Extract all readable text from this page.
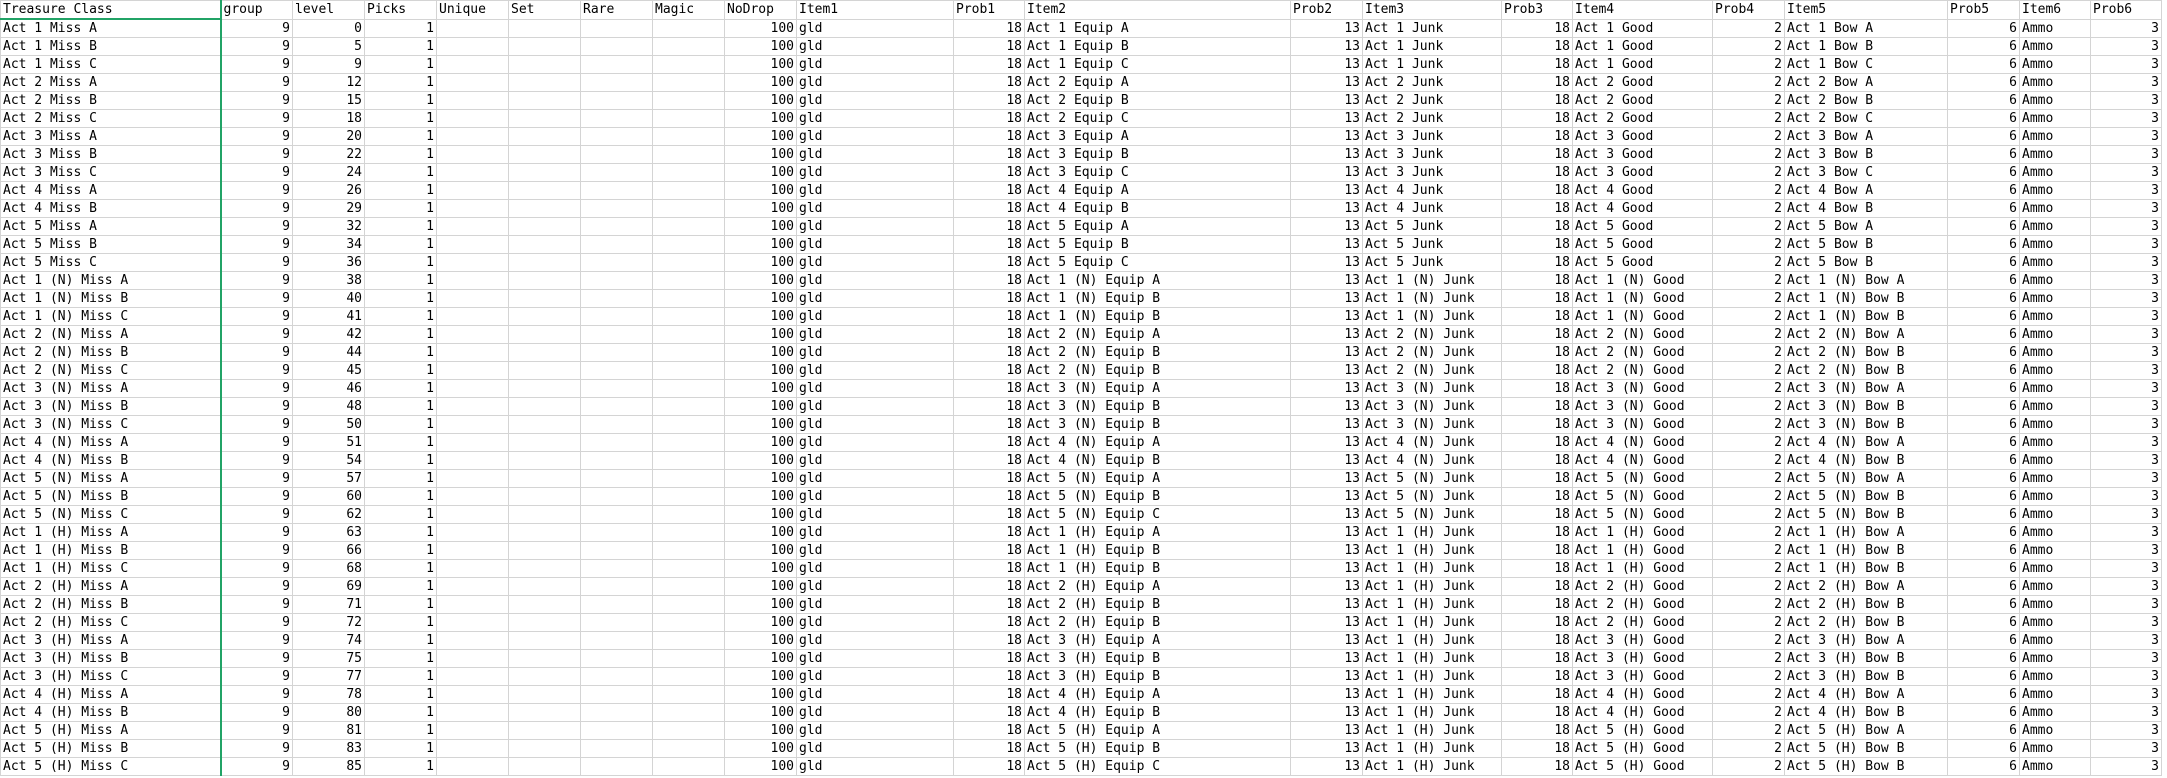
Treasure Class	group	level	Picks	Unique	Set	Rare	Magic	NoDrop	Item1	Prob1	Item2	Prob2	Item3	Prob3	Item4	Prob4	Item5	Prob5	Item6	Prob6
Act 1 Miss A	9	0	1					100	gld	18	Act 1 Equip A	13	Act 1 Junk	18	Act 1 Good	2	Act 1 Bow A	6	Ammo	3
Act 1 Miss B	9	5	1					100	gld	18	Act 1 Equip B	13	Act 1 Junk	18	Act 1 Good	2	Act 1 Bow B	6	Ammo	3
Act 1 Miss C	9	9	1					100	gld	18	Act 1 Equip C	13	Act 1 Junk	18	Act 1 Good	2	Act 1 Bow C	6	Ammo	3
Act 2 Miss A	9	12	1					100	gld	18	Act 2 Equip A	13	Act 2 Junk	18	Act 2 Good	2	Act 2 Bow A	6	Ammo	3
Act 2 Miss B	9	15	1					100	gld	18	Act 2 Equip B	13	Act 2 Junk	18	Act 2 Good	2	Act 2 Bow B	6	Ammo	3
Act 2 Miss C	9	18	1					100	gld	18	Act 2 Equip C	13	Act 2 Junk	18	Act 2 Good	2	Act 2 Bow C	6	Ammo	3
Act 3 Miss A	9	20	1					100	gld	18	Act 3 Equip A	13	Act 3 Junk	18	Act 3 Good	2	Act 3 Bow A	6	Ammo	3
Act 3 Miss B	9	22	1					100	gld	18	Act 3 Equip B	13	Act 3 Junk	18	Act 3 Good	2	Act 3 Bow B	6	Ammo	3
Act 3 Miss C	9	24	1					100	gld	18	Act 3 Equip C	13	Act 3 Junk	18	Act 3 Good	2	Act 3 Bow C	6	Ammo	3
Act 4 Miss A	9	26	1					100	gld	18	Act 4 Equip A	13	Act 4 Junk	18	Act 4 Good	2	Act 4 Bow A	6	Ammo	3
Act 4 Miss B	9	29	1					100	gld	18	Act 4 Equip B	13	Act 4 Junk	18	Act 4 Good	2	Act 4 Bow B	6	Ammo	3
Act 5 Miss A	9	32	1					100	gld	18	Act 5 Equip A	13	Act 5 Junk	18	Act 5 Good	2	Act 5 Bow A	6	Ammo	3
Act 5 Miss B	9	34	1					100	gld	18	Act 5 Equip B	13	Act 5 Junk	18	Act 5 Good	2	Act 5 Bow B	6	Ammo	3
Act 5 Miss C	9	36	1					100	gld	18	Act 5 Equip C	13	Act 5 Junk	18	Act 5 Good	2	Act 5 Bow B	6	Ammo	3
Act 1 (N) Miss A	9	38	1					100	gld	18	Act 1 (N) Equip A	13	Act 1 (N) Junk	18	Act 1 (N) Good	2	Act 1 (N) Bow A	6	Ammo	3
Act 1 (N) Miss B	9	40	1					100	gld	18	Act 1 (N) Equip B	13	Act 1 (N) Junk	18	Act 1 (N) Good	2	Act 1 (N) Bow B	6	Ammo	3
Act 1 (N) Miss C	9	41	1					100	gld	18	Act 1 (N) Equip B	13	Act 1 (N) Junk	18	Act 1 (N) Good	2	Act 1 (N) Bow B	6	Ammo	3
Act 2 (N) Miss A	9	42	1					100	gld	18	Act 2 (N) Equip A	13	Act 2 (N) Junk	18	Act 2 (N) Good	2	Act 2 (N) Bow A	6	Ammo	3
Act 2 (N) Miss B	9	44	1					100	gld	18	Act 2 (N) Equip B	13	Act 2 (N) Junk	18	Act 2 (N) Good	2	Act 2 (N) Bow B	6	Ammo	3
Act 2 (N) Miss C	9	45	1					100	gld	18	Act 2 (N) Equip B	13	Act 2 (N) Junk	18	Act 2 (N) Good	2	Act 2 (N) Bow B	6	Ammo	3
Act 3 (N) Miss A	9	46	1					100	gld	18	Act 3 (N) Equip A	13	Act 3 (N) Junk	18	Act 3 (N) Good	2	Act 3 (N) Bow A	6	Ammo	3
Act 3 (N) Miss B	9	48	1					100	gld	18	Act 3 (N) Equip B	13	Act 3 (N) Junk	18	Act 3 (N) Good	2	Act 3 (N) Bow B	6	Ammo	3
Act 3 (N) Miss C	9	50	1					100	gld	18	Act 3 (N) Equip B	13	Act 3 (N) Junk	18	Act 3 (N) Good	2	Act 3 (N) Bow B	6	Ammo	3
Act 4 (N) Miss A	9	51	1					100	gld	18	Act 4 (N) Equip A	13	Act 4 (N) Junk	18	Act 4 (N) Good	2	Act 4 (N) Bow A	6	Ammo	3
Act 4 (N) Miss B	9	54	1					100	gld	18	Act 4 (N) Equip B	13	Act 4 (N) Junk	18	Act 4 (N) Good	2	Act 4 (N) Bow B	6	Ammo	3
Act 5 (N) Miss A	9	57	1					100	gld	18	Act 5 (N) Equip A	13	Act 5 (N) Junk	18	Act 5 (N) Good	2	Act 5 (N) Bow A	6	Ammo	3
Act 5 (N) Miss B	9	60	1					100	gld	18	Act 5 (N) Equip B	13	Act 5 (N) Junk	18	Act 5 (N) Good	2	Act 5 (N) Bow B	6	Ammo	3
Act 5 (N) Miss C	9	62	1					100	gld	18	Act 5 (N) Equip C	13	Act 5 (N) Junk	18	Act 5 (N) Good	2	Act 5 (N) Bow B	6	Ammo	3
Act 1 (H) Miss A	9	63	1					100	gld	18	Act 1 (H) Equip A	13	Act 1 (H) Junk	18	Act 1 (H) Good	2	Act 1 (H) Bow A	6	Ammo	3
Act 1 (H) Miss B	9	66	1					100	gld	18	Act 1 (H) Equip B	13	Act 1 (H) Junk	18	Act 1 (H) Good	2	Act 1 (H) Bow B	6	Ammo	3
Act 1 (H) Miss C	9	68	1					100	gld	18	Act 1 (H) Equip B	13	Act 1 (H) Junk	18	Act 1 (H) Good	2	Act 1 (H) Bow B	6	Ammo	3
Act 2 (H) Miss A	9	69	1					100	gld	18	Act 2 (H) Equip A	13	Act 1 (H) Junk	18	Act 2 (H) Good	2	Act 2 (H) Bow A	6	Ammo	3
Act 2 (H) Miss B	9	71	1					100	gld	18	Act 2 (H) Equip B	13	Act 1 (H) Junk	18	Act 2 (H) Good	2	Act 2 (H) Bow B	6	Ammo	3
Act 2 (H) Miss C	9	72	1					100	gld	18	Act 2 (H) Equip B	13	Act 1 (H) Junk	18	Act 2 (H) Good	2	Act 2 (H) Bow B	6	Ammo	3
Act 3 (H) Miss A	9	74	1					100	gld	18	Act 3 (H) Equip A	13	Act 1 (H) Junk	18	Act 3 (H) Good	2	Act 3 (H) Bow A	6	Ammo	3
Act 3 (H) Miss B	9	75	1					100	gld	18	Act 3 (H) Equip B	13	Act 1 (H) Junk	18	Act 3 (H) Good	2	Act 3 (H) Bow B	6	Ammo	3
Act 3 (H) Miss C	9	77	1					100	gld	18	Act 3 (H) Equip B	13	Act 1 (H) Junk	18	Act 3 (H) Good	2	Act 3 (H) Bow B	6	Ammo	3
Act 4 (H) Miss A	9	78	1					100	gld	18	Act 4 (H) Equip A	13	Act 1 (H) Junk	18	Act 4 (H) Good	2	Act 4 (H) Bow A	6	Ammo	3
Act 4 (H) Miss B	9	80	1					100	gld	18	Act 4 (H) Equip B	13	Act 1 (H) Junk	18	Act 4 (H) Good	2	Act 4 (H) Bow B	6	Ammo	3
Act 5 (H) Miss A	9	81	1					100	gld	18	Act 5 (H) Equip A	13	Act 1 (H) Junk	18	Act 5 (H) Good	2	Act 5 (H) Bow A	6	Ammo	3
Act 5 (H) Miss B	9	83	1					100	gld	18	Act 5 (H) Equip B	13	Act 1 (H) Junk	18	Act 5 (H) Good	2	Act 5 (H) Bow B	6	Ammo	3
Act 5 (H) Miss C	9	85	1					100	gld	18	Act 5 (H) Equip C	13	Act 1 (H) Junk	18	Act 5 (H) Good	2	Act 5 (H) Bow B	6	Ammo	3
